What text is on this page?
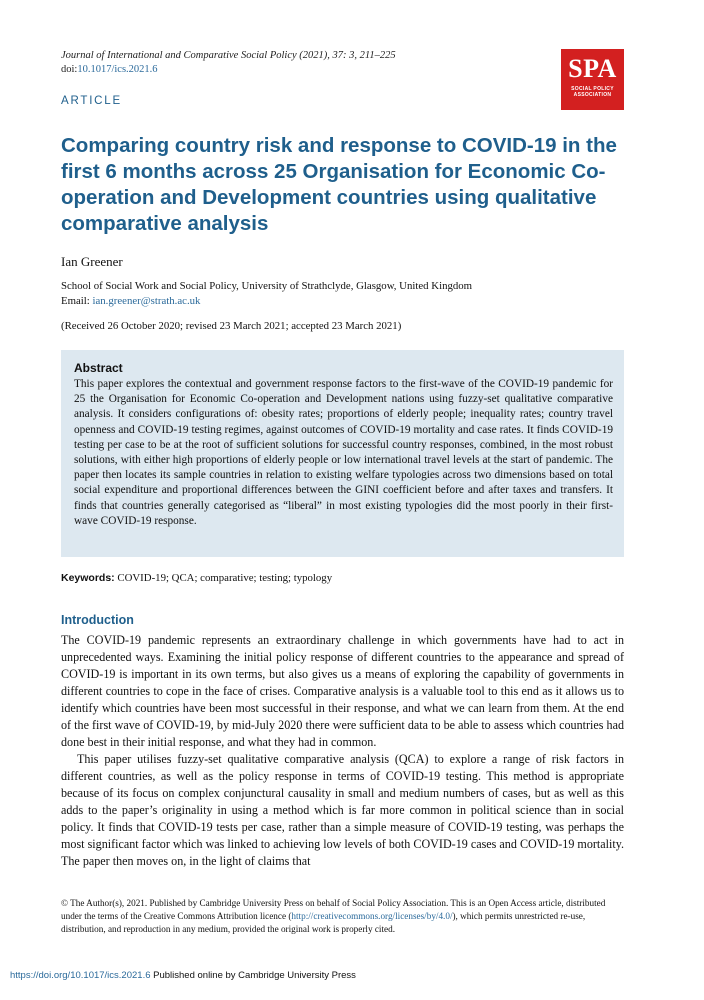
Journal of International and Comparative Social Policy (2021), 37: 3, 211–225
doi:10.1017/ics.2021.6	SPA
SOCIAL POLICY
ASSOCIATION
ARTICLE
Comparing country risk and response to COVID-19 in the first 6 months across 25 Organisation for Economic Co-operation and Development countries using qualitative comparative analysis
Ian Greener
School of Social Work and Social Policy, University of Strathclyde, Glasgow, United Kingdom
Email: ian.greener@strath.ac.uk
(Received 26 October 2020; revised 23 March 2021; accepted 23 March 2021)
Abstract

This paper explores the contextual and government response factors to the first-wave of the COVID-19 pandemic for 25 the Organisation for Economic Co-operation and Development nations using fuzzy-set qualitative comparative analysis. It considers configurations of: obesity rates; proportions of elderly people; inequality rates; country travel openness and COVID-19 testing regimes, against outcomes of COVID-19 mortality and case rates. It finds COVID-19 testing per case to be at the root of sufficient solutions for successful country responses, combined, in the most robust solutions, with either high proportions of elderly people or low international travel levels at the start of pandemic. The paper then locates its sample countries in relation to existing welfare typologies across two dimensions based on total social expenditure and proportional differences between the GINI coefficient before and after taxes and transfers. It finds that countries generally categorised as “liberal” in most existing typologies did the most poorly in their first-wave COVID-19 response.

Keywords: COVID-19; QCA; comparative; testing; typology
Introduction

The COVID-19 pandemic represents an extraordinary challenge in which governments have had to act in unprecedented ways. Examining the initial policy response of different countries to the appearance and spread of COVID-19 is important in its own terms, but also gives us a means of exploring the capability of governments in different countries to cope in the face of crises. Comparative analysis is a valuable tool to this end as it allows us to identify which countries have been most successful in their response, and what we can learn from them. At the end of the first wave of COVID-19, by mid-July 2020 there were sufficient data to be able to assess which countries had done best in their initial response, and what they had in common.

This paper utilises fuzzy-set qualitative comparative analysis (QCA) to explore a range of risk factors in different countries, as well as the policy response in terms of COVID-19 testing. This method is appropriate because of its focus on complex conjunctural causality in small and medium numbers of cases, but as well as this adds to the paper’s originality in using a method which is far more common in political science than in social policy. It finds that COVID-19 tests per case, rather than a simple measure of COVID-19 testing, was perhaps the most significant factor which was linked to achieving low levels of both COVID-19 cases and COVID-19 mortality. The paper then moves on, in the light of claims that

© The Author(s), 2021. Published by Cambridge University Press on behalf of Social Policy Association. This is an Open Access article, distributed under the terms of the Creative Commons Attribution licence (http://creativecommons.org/licenses/by/4.0/), which permits unrestricted re-use, distribution, and reproduction in any medium, provided the original work is properly cited.
https://doi.org/10.1017/ics.2021.6 Published online by Cambridge University Press
